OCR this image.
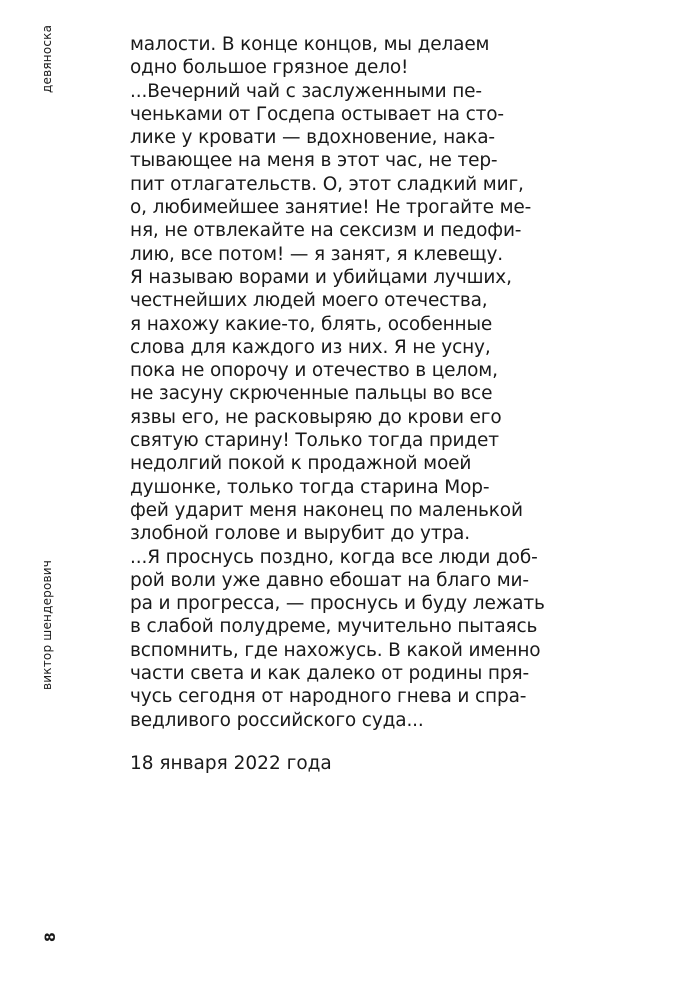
девяноска
виктор шендерович
8
малости. В конце концов, мы делаем
одно большое грязное дело!
...Вечерний чай с заслуженными пе-
ченьками от Госдепа остывает на сто-
лике у кровати — вдохновение, нака-
тывающее на меня в этот час, не тер-
пит отлагательств. О, этот сладкий миг,
о, любимейшее занятие! Не трогайте ме-
ня, не отвлекайте на сексизм и педофи-
лию, все потом! — я занят, я клевещу.
Я называю ворами и убийцами лучших,
честнейших людей моего отечества,
я нахожу какие-то, блять, особенные
слова для каждого из них. Я не усну,
пока не опорочу и отечество в целом,
не засуну скрюченные пальцы во все
язвы его, не расковыряю до крови его
святую старину! Только тогда придет
недолгий покой к продажной моей
душонке, только тогда старина Мор-
фей ударит меня наконец по маленькой
злобной голове и вырубит до утра.
...Я проснусь поздно, когда все люди доб-
рой воли уже давно ебошат на благо ми-
ра и прогресса, — проснусь и буду лежать
в слабой полудреме, мучительно пытаясь
вспомнить, где нахожусь. В какой именно
части света и как далеко от родины пря-
чусь сегодня от народного гнева и спра-
ведливого российского суда...
18 января 2022 года
